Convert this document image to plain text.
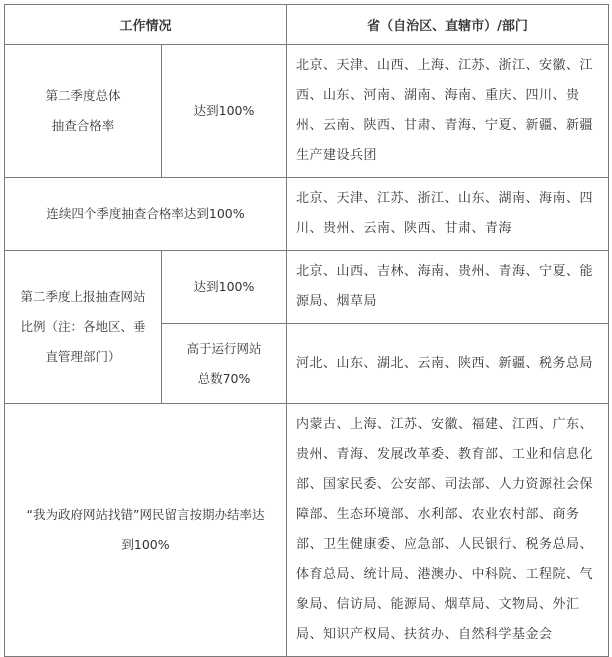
工作情况		省（自治区、直辖市）/部门

第二季度总体
抽查合格率	达到100%	北京、天津、山西、上海、江苏、浙江、安徽、江西、山东、河南、湖南、海南、重庆、四川、贵州、云南、陕西、甘肃、青海、宁夏、新疆、新疆生产建设兵团
连续四个季度抽查合格率达到100%		北京、天津、江苏、浙江、山东、湖南、海南、四川、贵州、云南、陕西、甘肃、青海

第二季度上报抽查网站
比例（注：各地区、垂
直管理部门）	达到100%	北京、山西、吉林、海南、贵州、青海、宁夏、能源局、烟草局

	高于运行网站
总数70%	河北、山东、湖北、云南、陕西、新疆、税务总局

“我为政府网站找错”网民留言按期办结率达
到100%		内蒙古、上海、江苏、安徽、福建、江西、广东、贵州、青海、发展改革委、教育部、工业和信息化部、国家民委、公安部、司法部、人力资源社会保障部、生态环境部、水利部、农业农村部、商务部、卫生健康委、应急部、人民银行、税务总局、体育总局、统计局、港澳办、中科院、工程院、气象局、信访局、能源局、烟草局、文物局、外汇局、知识产权局、扶贫办、自然科学基金会
